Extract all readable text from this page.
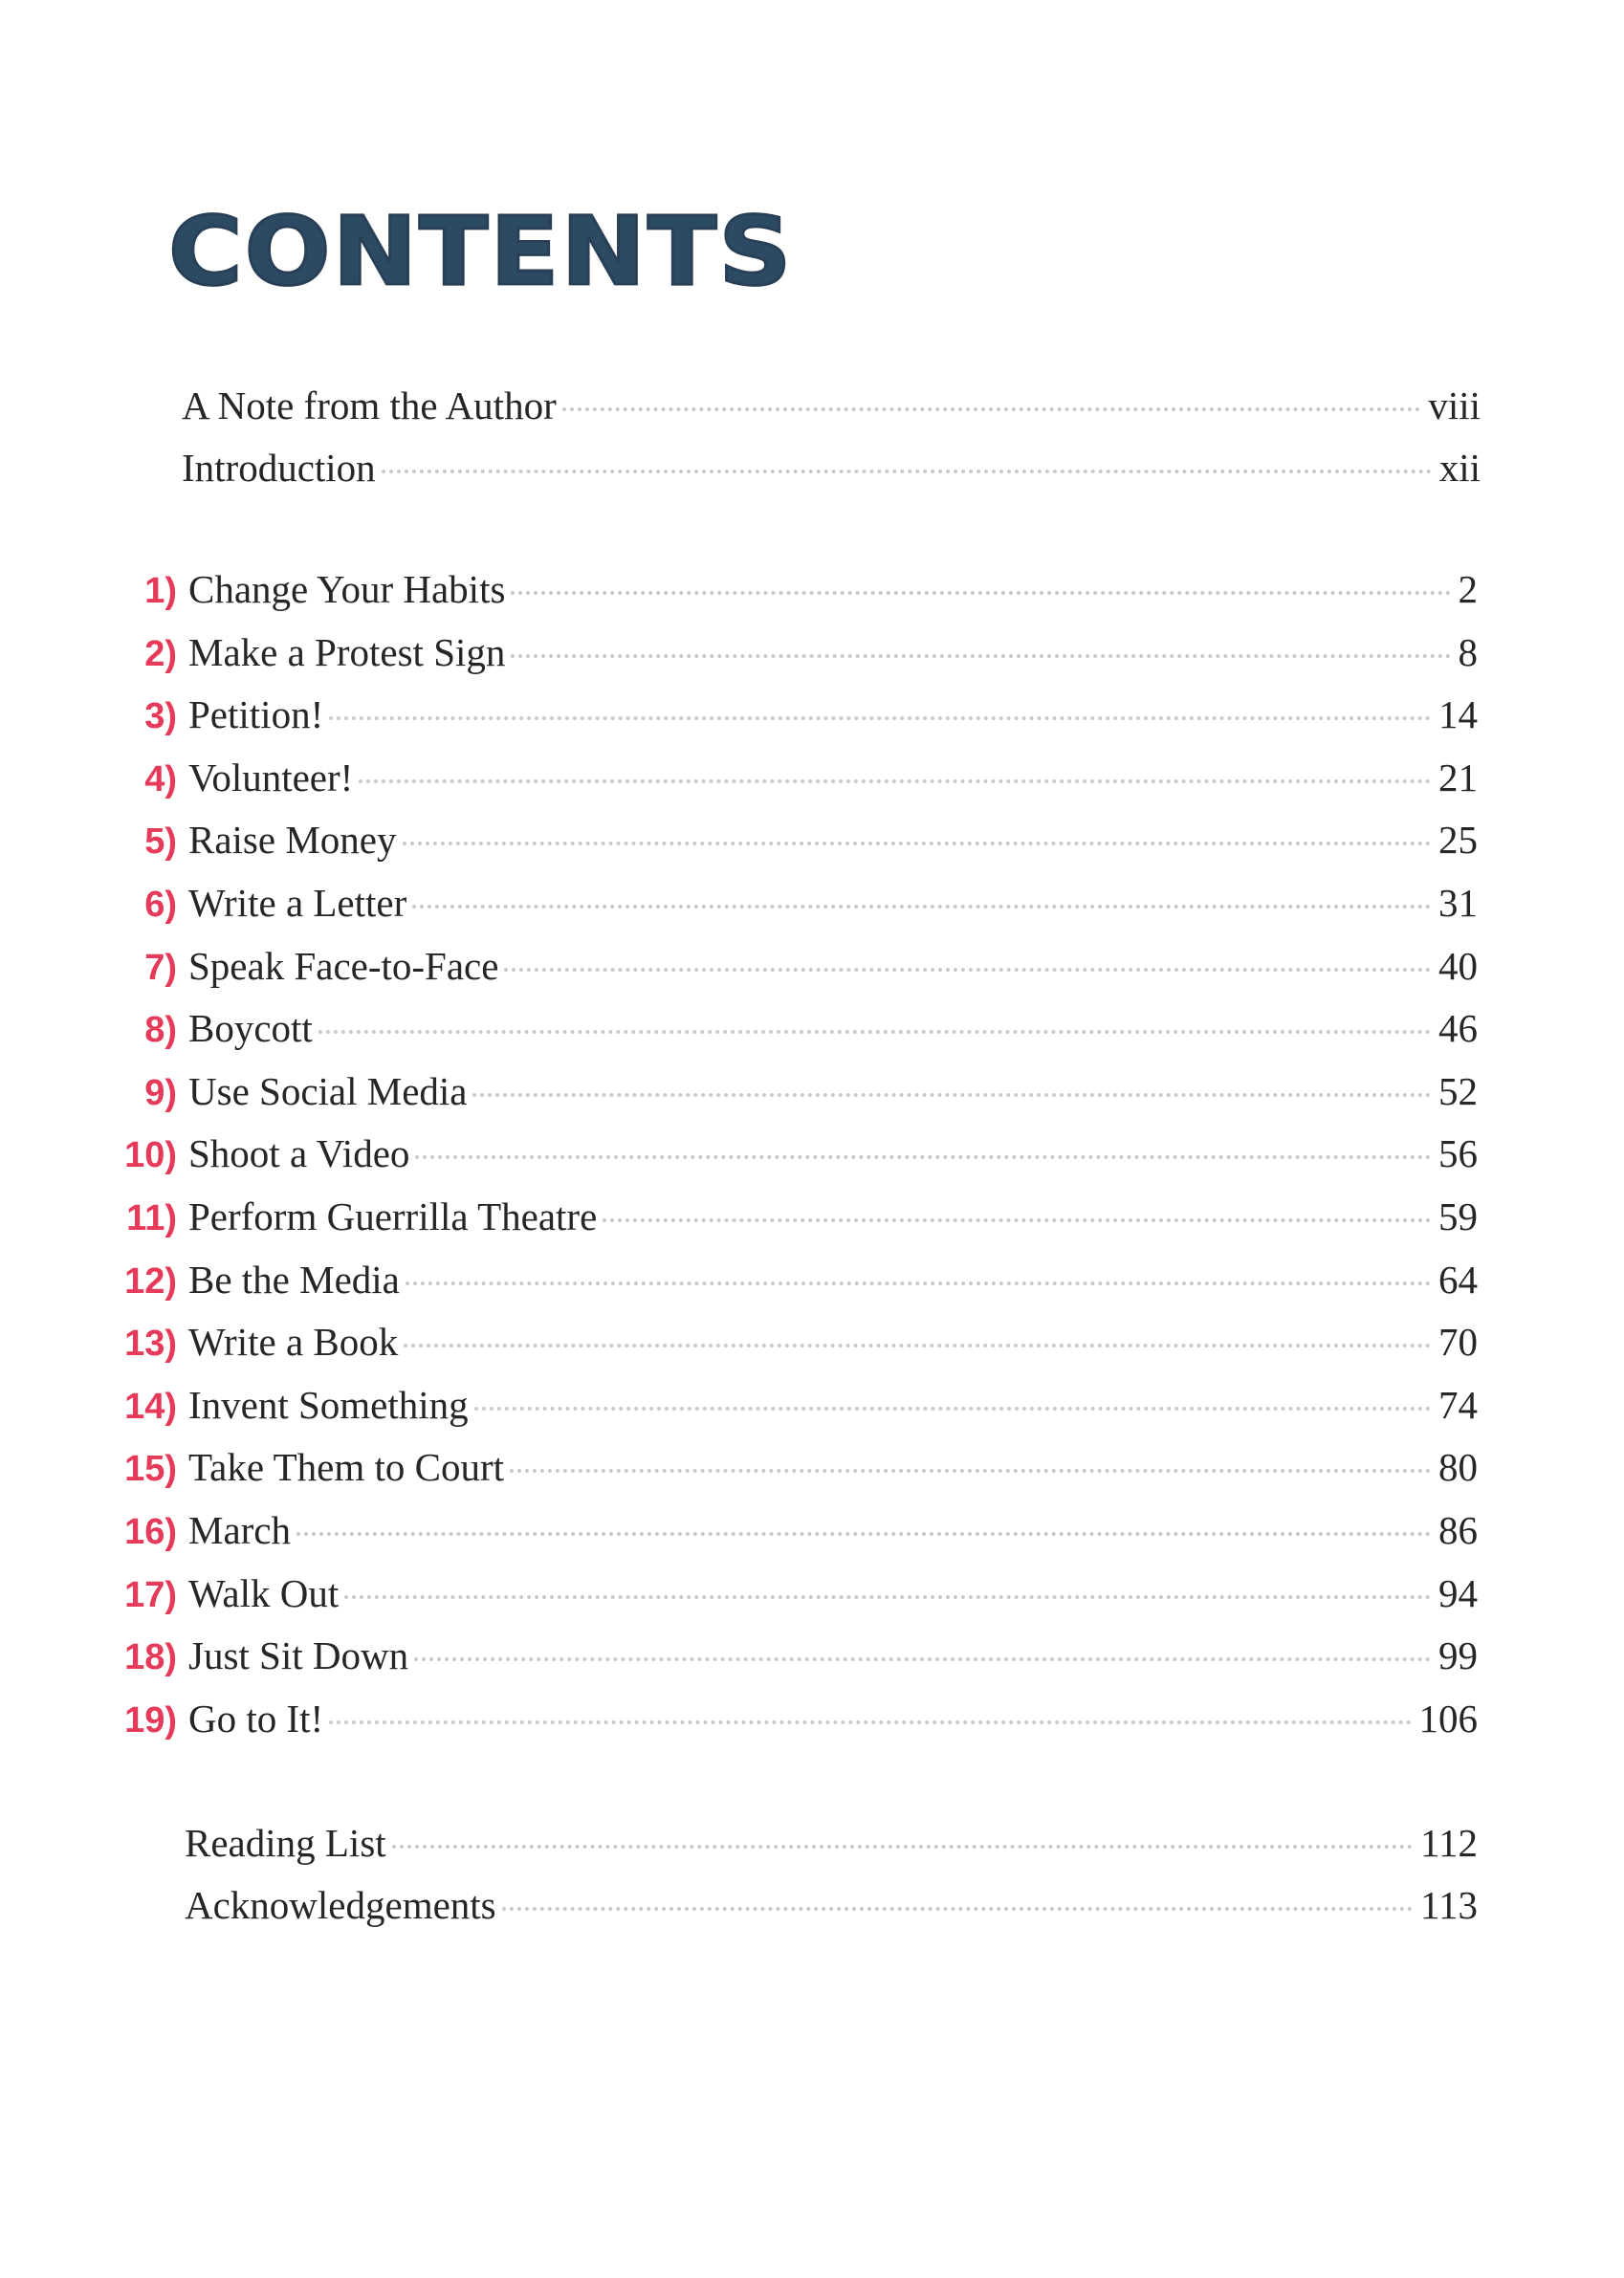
CONTENTS
A Note from the Author	viii
Introduction	xii
1) Change Your Habits	2
2) Make a Protest Sign	8
3) Petition!	14
4) Volunteer!	21
5) Raise Money	25
6) Write a Letter	31
7) Speak Face-to-Face	40
8) Boycott	46
9) Use Social Media	52
10) Shoot a Video	56
11) Perform Guerrilla Theatre	59
12) Be the Media	64
13) Write a Book	70
14) Invent Something	74
15) Take Them to Court	80
16) March	86
17) Walk Out	94
18) Just Sit Down	99
19) Go to It!	106
Reading List	112
Acknowledgements	113
